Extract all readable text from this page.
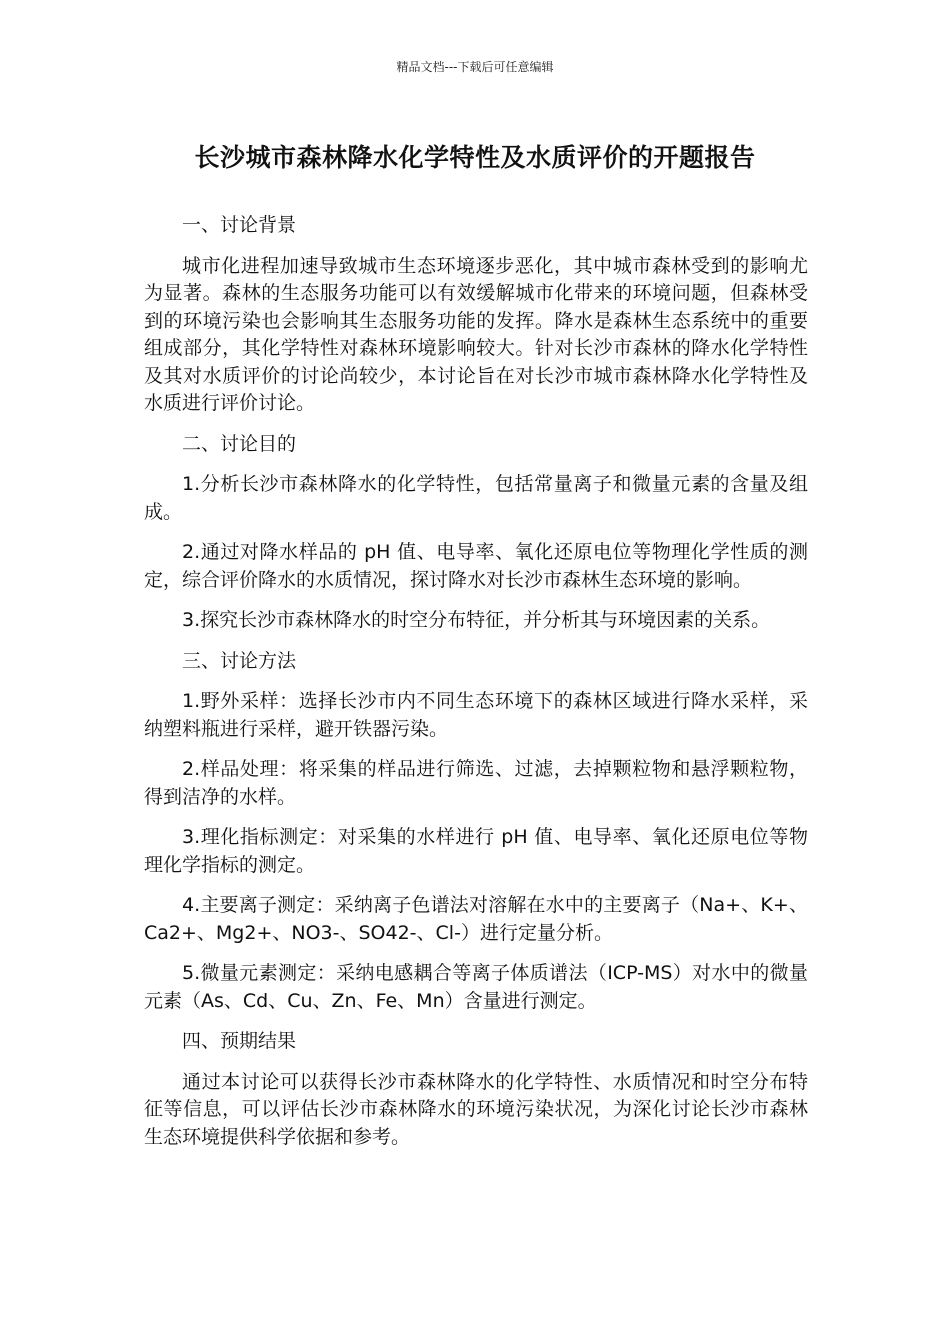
精品文档---下载后可任意编辑
长沙城市森林降水化学特性及水质评价的开题报告

一、讨论背景

城市化进程加速导致城市生态环境逐步恶化，其中城市森林受到的影响尤为显著。森林的生态服务功能可以有效缓解城市化带来的环境问题，但森林受到的环境污染也会影响其生态服务功能的发挥。降水是森林生态系统中的重要组成部分，其化学特性对森林环境影响较大。针对长沙市森林的降水化学特性及其对水质评价的讨论尚较少，本讨论旨在对长沙市城市森林降水化学特性及水质进行评价讨论。

二、讨论目的

1.分析长沙市森林降水的化学特性，包括常量离子和微量元素的含量及组成。

2.通过对降水样品的 pH 值、电导率、氧化还原电位等物理化学性质的测定，综合评价降水的水质情况，探讨降水对长沙市森林生态环境的影响。

3.探究长沙市森林降水的时空分布特征，并分析其与环境因素的关系。

三、讨论方法

1.野外采样：选择长沙市内不同生态环境下的森林区域进行降水采样，采纳塑料瓶进行采样，避开铁器污染。

2.样品处理：将采集的样品进行筛选、过滤，去掉颗粒物和悬浮颗粒物，得到洁净的水样。

3.理化指标测定：对采集的水样进行 pH 值、电导率、氧化还原电位等物理化学指标的测定。

4.主要离子测定：采纳离子色谱法对溶解在水中的主要离子（Na+、K+、Ca2+、Mg2+、NO3-、SO42-、Cl-）进行定量分析。

5.微量元素测定：采纳电感耦合等离子体质谱法（ICP-MS）对水中的微量元素（As、Cd、Cu、Zn、Fe、Mn）含量进行测定。

四、预期结果

通过本讨论可以获得长沙市森林降水的化学特性、水质情况和时空分布特征等信息，可以评估长沙市森林降水的环境污染状况，为深化讨论长沙市森林生态环境提供科学依据和参考。
